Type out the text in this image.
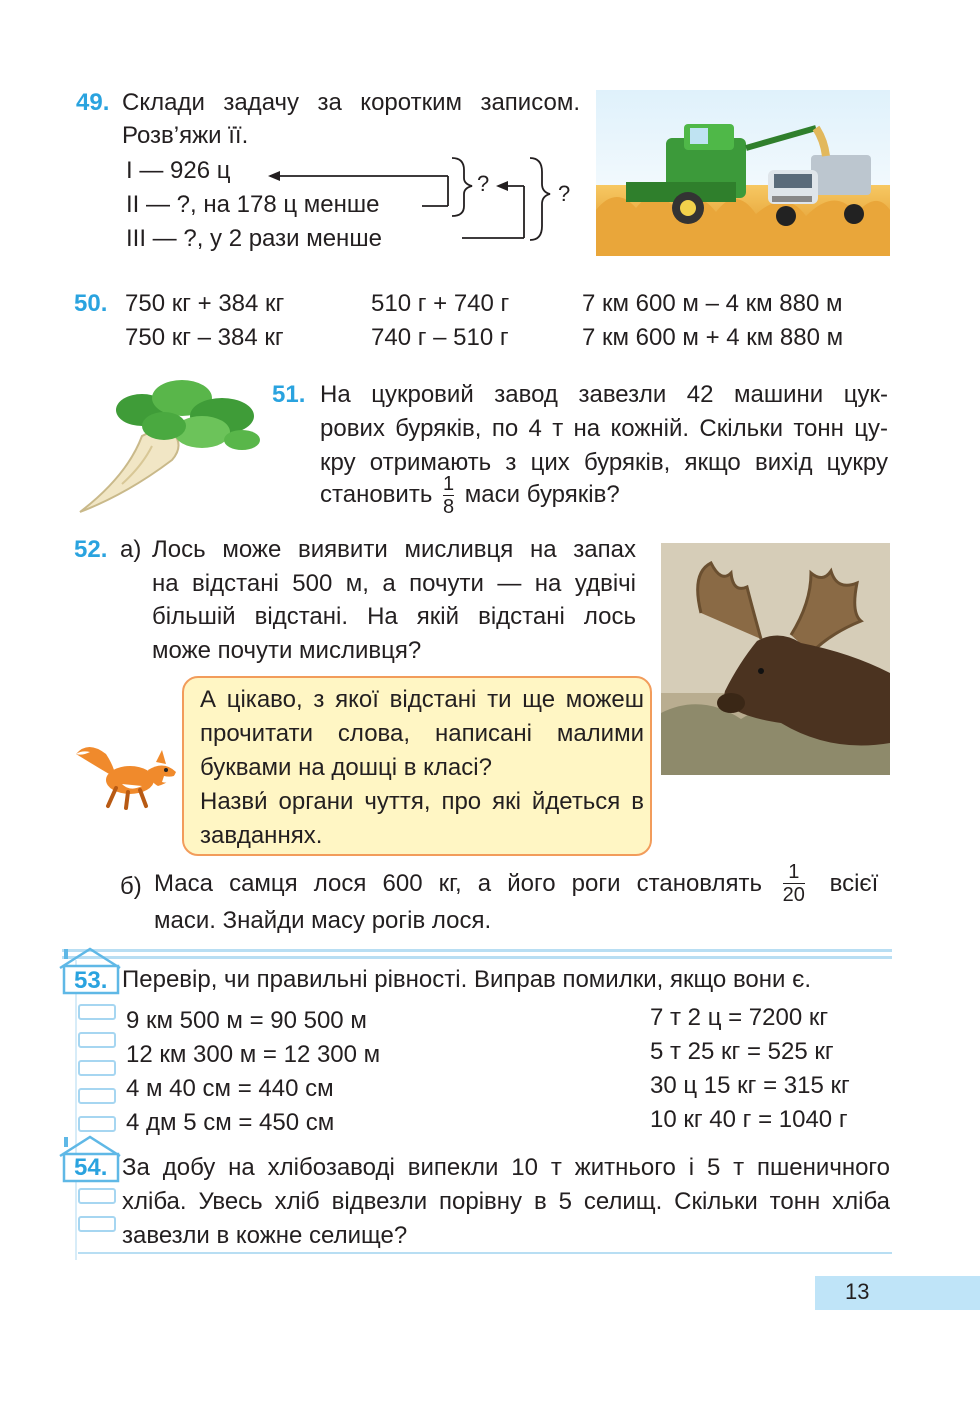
49. Склади задачу за коротким записом.
Розв’яжи її.
I — 926 ц
II — ?, на 178 ц менше
III — ?, у 2 рази менше
?	?
50. 750 кг + 384 кг
750 кг – 384 кг
510 г + 740 г
740 г – 510 г
7 км 600 м – 4 км 880 м
7 км 600 м + 4 км 880 м
51. На цукровий завод завезли 42 машини цук-
рових буряків, по 4 т на кожній. Скільки тонн цу-
кру отримають з цих буряків, якщо вихід цукру
становить $\frac{1}{8}$ маси буряків?
52. а) Лось може виявити мисливця на запах
на відстані 500 м, а почути — на удвічі
більшій відстані. На якій відстані лось
може почути мисливця?
А цікаво, з якої відстані ти ще можеш
прочитати слова, написані малими
буквами на дошці в класі?
Назви́ органи чуття, про які йдеться в
завданнях.
б) Маса самця лося 600 кг, а його роги становлять $\frac{1}{20}$ всієї
маси. Знайди масу рогів лося.
53. Перевір, чи правильні рівності. Виправ помилки, якщо вони є.
9 км 500 м = 90 500 м
12 км 300 м = 12 300 м
4 м 40 см = 440 см
4 дм 5 см = 450 см
7 т 2 ц = 7200 кг
5 т 25 кг = 525 кг
30 ц 15 кг = 315 кг
10 кг 40 г = 1040 г
54. За добу на хлібозаводі випекли 10 т житнього і 5 т пшеничного
хліба. Увесь хліб відвезли порівну в 5 селищ. Скільки тонн хліба
завезли в кожне селище?
13
